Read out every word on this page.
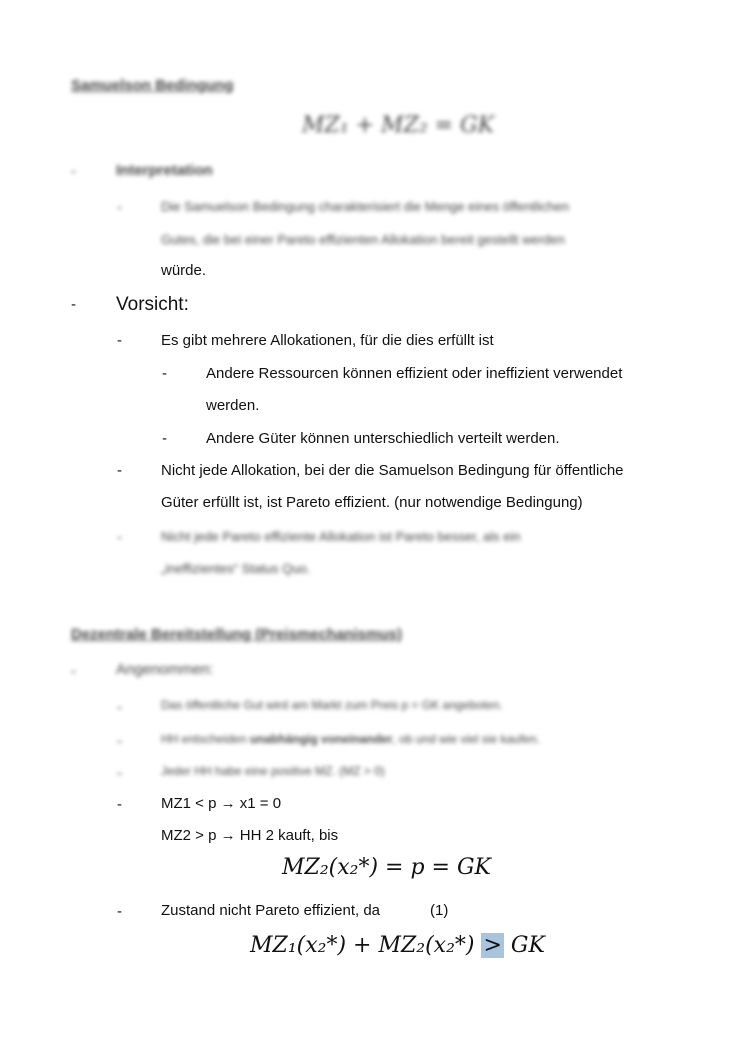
Samuelson Bedingung
MZ₁ + MZ₂ = GK
-	Interpretation
-	Die Samuelson Bedingung charakterisiert die Menge eines öffentlichen
Gutes, die bei einer Pareto effizienten Allokation bereit gestellt werden
würde.
- Vorsicht:
-	Es gibt mehrere Allokationen, für die dies erfüllt ist
-	Andere Ressourcen können effizient oder ineffizient verwendet
werden.
-	Andere Güter können unterschiedlich verteilt werden.
-	Nicht jede Allokation, bei der die Samuelson Bedingung für öffentliche
Güter erfüllt ist, ist Pareto effizient. (nur notwendige Bedingung)
-	Nicht jede Pareto effiziente Allokation ist Pareto besser, als ein
„ineffizientes“ Status Quo.
Dezentrale Bereitstellung (Preismechanismus)
-	Angenommen:
-	Das öffentliche Gut wird am Markt zum Preis p = GK angeboten.
-	HH entscheiden unabhängig voneinander, ob und wie viel sie kaufen.
-	Jeder HH habe eine positive MZ. (MZ > 0)
-	MZ1 < p → x1 = 0
MZ2 > p → HH 2 kauft, bis
MZ₂(x₂*) = p = GK
-	Zustand nicht Pareto effizient, da	(1)
MZ₁(x₂*) + MZ₂(x₂*) > GK
